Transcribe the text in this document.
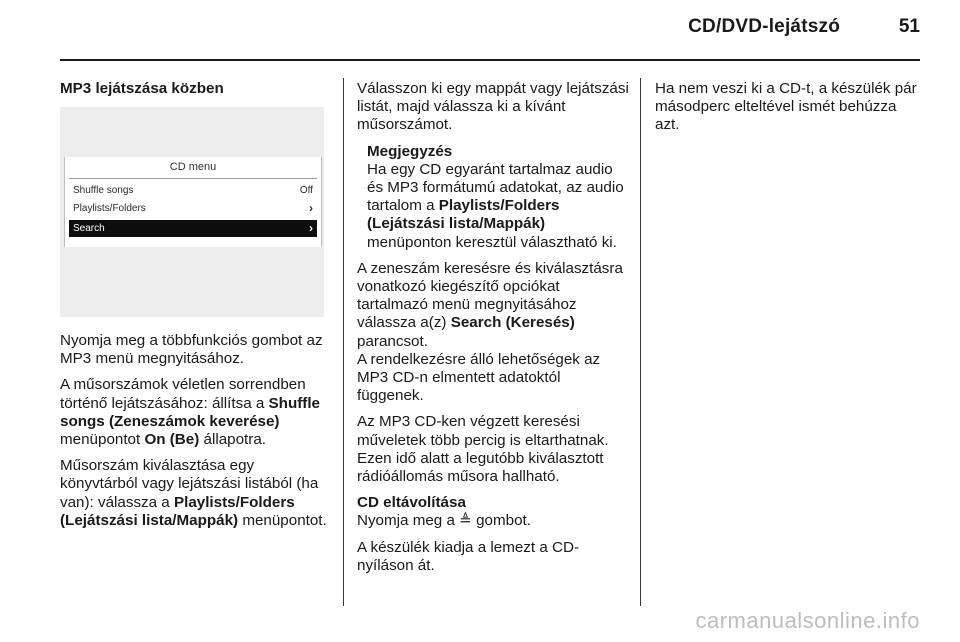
CD/DVD-lejátszó	51

MP3 lejátszása közben

CD menu
Shuffle songs	Off
Playlists/Folders	›
Search	›

Nyomja meg a többfunkciós gombot az MP3 menü megnyitásához.

A műsorszámok véletlen sorrendben történő lejátszásához: állítsa a Shuffle songs (Zeneszámok keverése) menüpontot On (Be) állapotra.

Műsorszám kiválasztása egy könyvtárból vagy lejátszási listából (ha van): válassza a Playlists/Folders (Lejátszási lista/Mappák) menüpontot.

Válasszon ki egy mappát vagy lejátszási listát, majd válassza ki a kívánt műsorszámot.

Megjegyzés
Ha egy CD egyaránt tartalmaz audio és MP3 formátumú adatokat, az audio tartalom a Playlists/Folders (Lejátszási lista/Mappák) menüponton keresztül választható ki.

A zeneszám keresésre és kiválasztásra vonatkozó kiegészítő opciókat tartalmazó menü megnyitásához válassza a(z) Search (Keresés) parancsot.

A rendelkezésre álló lehetőségek az MP3 CD-n elmentett adatoktól függenek.

Az MP3 CD-ken végzett keresési műveletek több percig is eltarthatnak. Ezen idő alatt a legutóbb kiválasztott rádióállomás műsora hallható.

CD eltávolítása

Nyomja meg a ≜ gombot.

A készülék kiadja a lemezt a CD-nyíláson át.

Ha nem veszi ki a CD-t, a készülék pár másodperc elteltével ismét behúzza azt.

carmanualsonline.info
